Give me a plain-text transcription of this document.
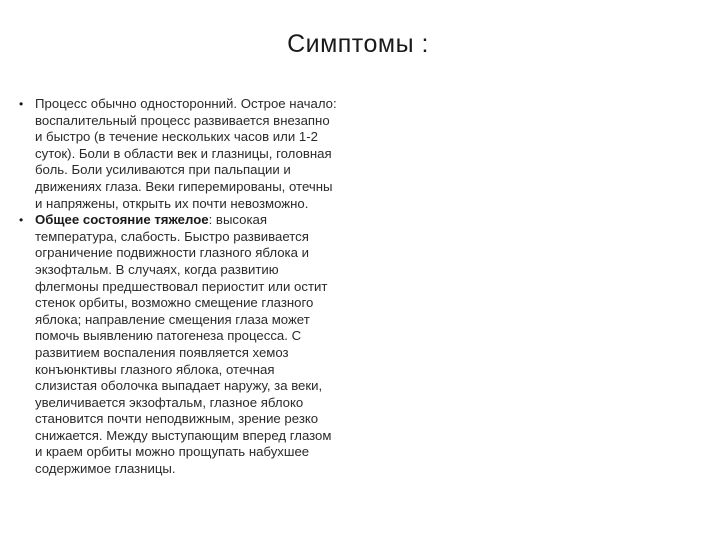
Симптомы :
• Процесс обычно односторонний. Острое начало: воспалительный процесс развивается внезапно и быстро (в течение нескольких часов или 1-2 суток). Боли в области век и глазницы, головная боль. Боли усиливаются при пальпации и движениях глаза. Веки гиперемированы, отечны и напряжены, открыть их почти невозможно.

• Общее состояние тяжелое: высокая температура, слабость. Быстро развивается ограничение подвижности глазного яблока и экзофтальм. В случаях, когда развитию флегмоны предшествовал периостит или остит стенок орбиты, возможно смещение глазного яблока; направление смещения глаза может помочь выявлению патогенеза процесса. С развитием воспаления появляется хемоз конъюнктивы глазного яблока, отечная слизистая оболочка выпадает наружу, за веки, увеличивается экзофтальм, глазное яблоко становится почти неподвижным, зрение резко снижается. Между выступающим вперед глазом и краем орбиты можно прощупать набухшее содержимое глазницы.
